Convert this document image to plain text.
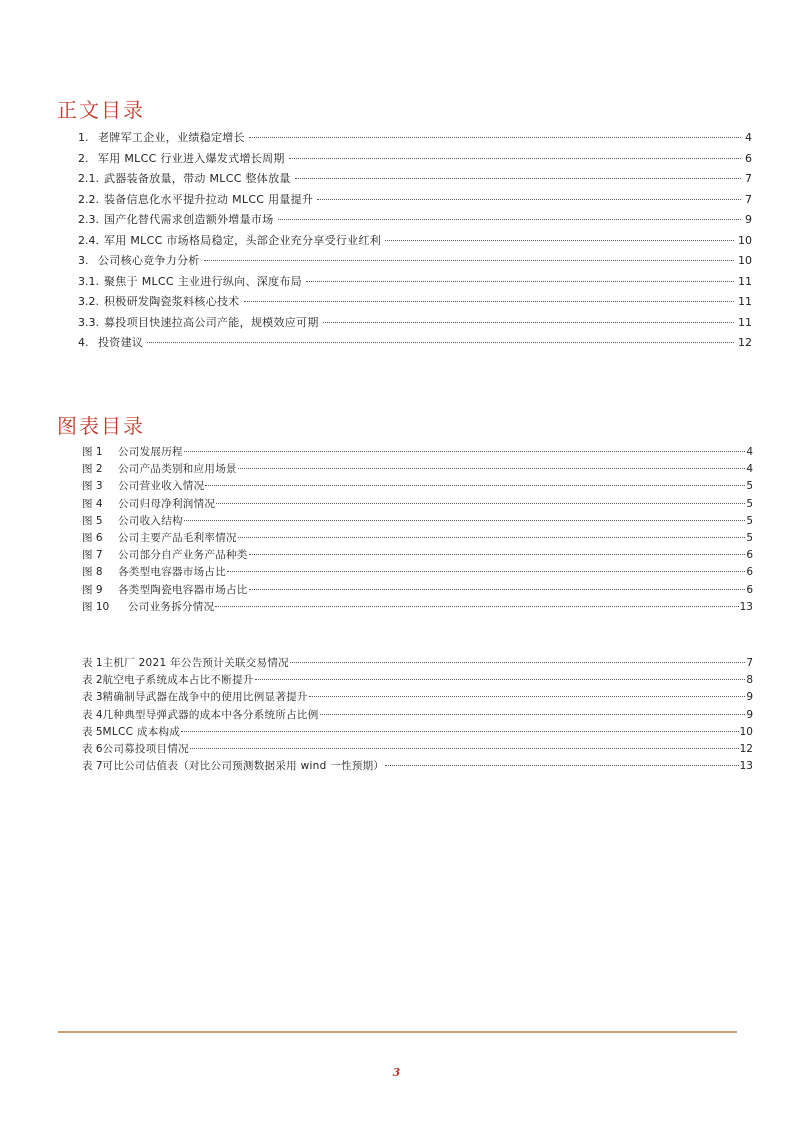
正文目录
1. 老牌军工企业，业绩稳定增长	4
2. 军用 MLCC 行业进入爆发式增长周期	6
2.1. 武器装备放量，带动 MLCC 整体放量	7
2.2. 装备信息化水平提升拉动 MLCC 用量提升	7
2.3. 国产化替代需求创造额外增量市场	9
2.4. 军用 MLCC 市场格局稳定，头部企业充分享受行业红利	10
3. 公司核心竞争力分析	10
3.1. 聚焦于 MLCC 主业进行纵向、深度布局	11
3.2. 积极研发陶瓷浆料核心技术	11
3.3. 募投项目快速拉高公司产能，规模效应可期	11
4. 投资建议	12
图表目录
图 1	公司发展历程	4
图 2	公司产品类别和应用场景	4
图 3	公司营业收入情况	5
图 4	公司归母净利润情况	5
图 5	公司收入结构	5
图 6	公司主要产品毛利率情况	5
图 7	公司部分自产业务产品种类	6
图 8	各类型电容器市场占比	6
图 9	各类型陶瓷电容器市场占比	6
图 10	公司业务拆分情况	13
表 1 主机厂 2021 年公告预计关联交易情况	7
表 2 航空电子系统成本占比不断提升	8
表 3 精确制导武器在战争中的使用比例显著提升	9
表 4 几种典型导弹武器的成本中各分系统所占比例	9
表 5 MLCC 成本构成	10
表 6 公司募投项目情况	12
表 7 可比公司估值表（对比公司预测数据采用 wind 一性预期）	13
3
